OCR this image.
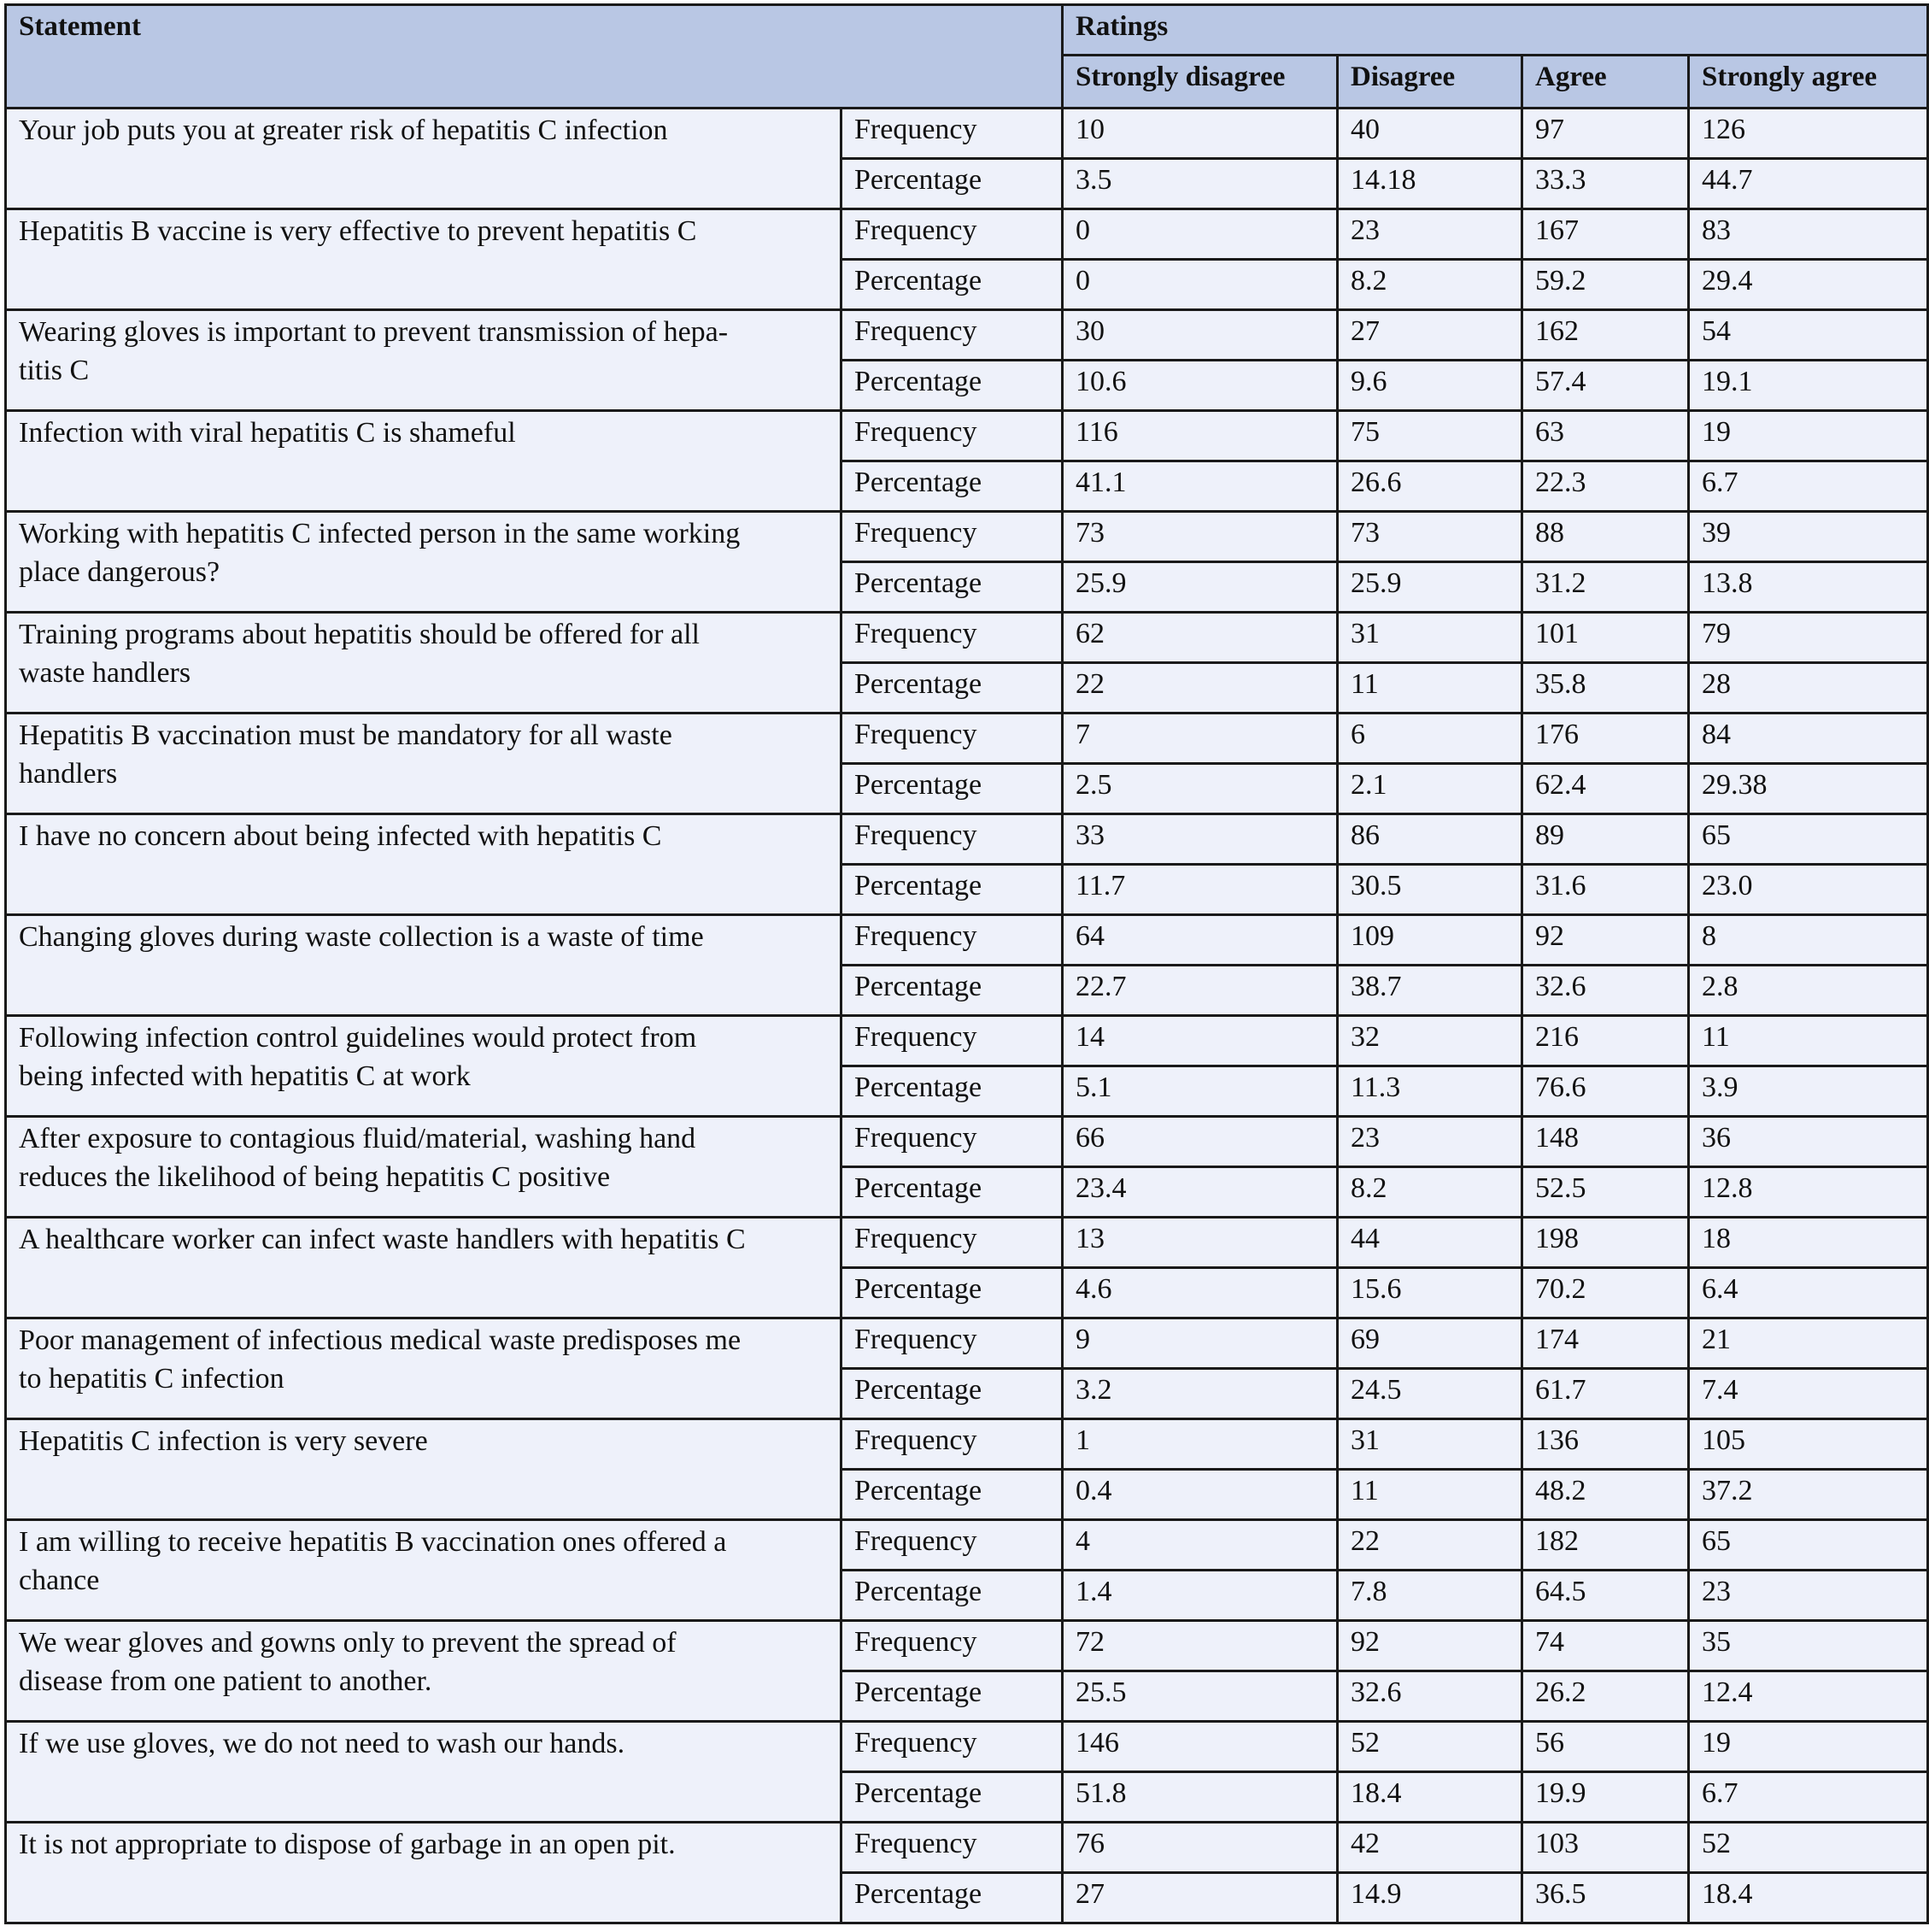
Statement		Ratings			
		Strongly disagree	Disagree	Agree	Strongly agree
Your job puts you at greater risk of hepatitis C infection	Frequency	10	40	97	126
	Percentage	3.5	14.18	33.3	44.7
Hepatitis B vaccine is very effective to prevent hepatitis C	Frequency	0	23	167	83
	Percentage	0	8.2	59.2	29.4
Wearing gloves is important to prevent transmission of hepa-
titis C	Frequency	30	27	162	54
	Percentage	10.6	9.6	57.4	19.1
Infection with viral hepatitis C is shameful	Frequency	116	75	63	19
	Percentage	41.1	26.6	22.3	6.7
Working with hepatitis C infected person in the same working
place dangerous?	Frequency	73	73	88	39
	Percentage	25.9	25.9	31.2	13.8
Training programs about hepatitis should be offered for all
waste handlers	Frequency	62	31	101	79
	Percentage	22	11	35.8	28
Hepatitis B vaccination must be mandatory for all waste
handlers	Frequency	7	6	176	84
	Percentage	2.5	2.1	62.4	29.38
I have no concern about being infected with hepatitis C	Frequency	33	86	89	65
	Percentage	11.7	30.5	31.6	23.0
Changing gloves during waste collection is a waste of time	Frequency	64	109	92	8
	Percentage	22.7	38.7	32.6	2.8
Following infection control guidelines would protect from
being infected with hepatitis C at work	Frequency	14	32	216	11
	Percentage	5.1	11.3	76.6	3.9
After exposure to contagious fluid/material, washing hand
reduces the likelihood of being hepatitis C positive	Frequency	66	23	148	36
	Percentage	23.4	8.2	52.5	12.8
A healthcare worker can infect waste handlers with hepatitis C	Frequency	13	44	198	18
	Percentage	4.6	15.6	70.2	6.4
Poor management of infectious medical waste predisposes me
to hepatitis C infection	Frequency	9	69	174	21
	Percentage	3.2	24.5	61.7	7.4
Hepatitis C infection is very severe	Frequency	1	31	136	105
	Percentage	0.4	11	48.2	37.2
I am willing to receive hepatitis B vaccination ones offered a
chance	Frequency	4	22	182	65
	Percentage	1.4	7.8	64.5	23
We wear gloves and gowns only to prevent the spread of
disease from one patient to another.	Frequency	72	92	74	35
	Percentage	25.5	32.6	26.2	12.4
If we use gloves, we do not need to wash our hands.	Frequency	146	52	56	19
	Percentage	51.8	18.4	19.9	6.7
It is not appropriate to dispose of garbage in an open pit.	Frequency	76	42	103	52
	Percentage	27	14.9	36.5	18.4
